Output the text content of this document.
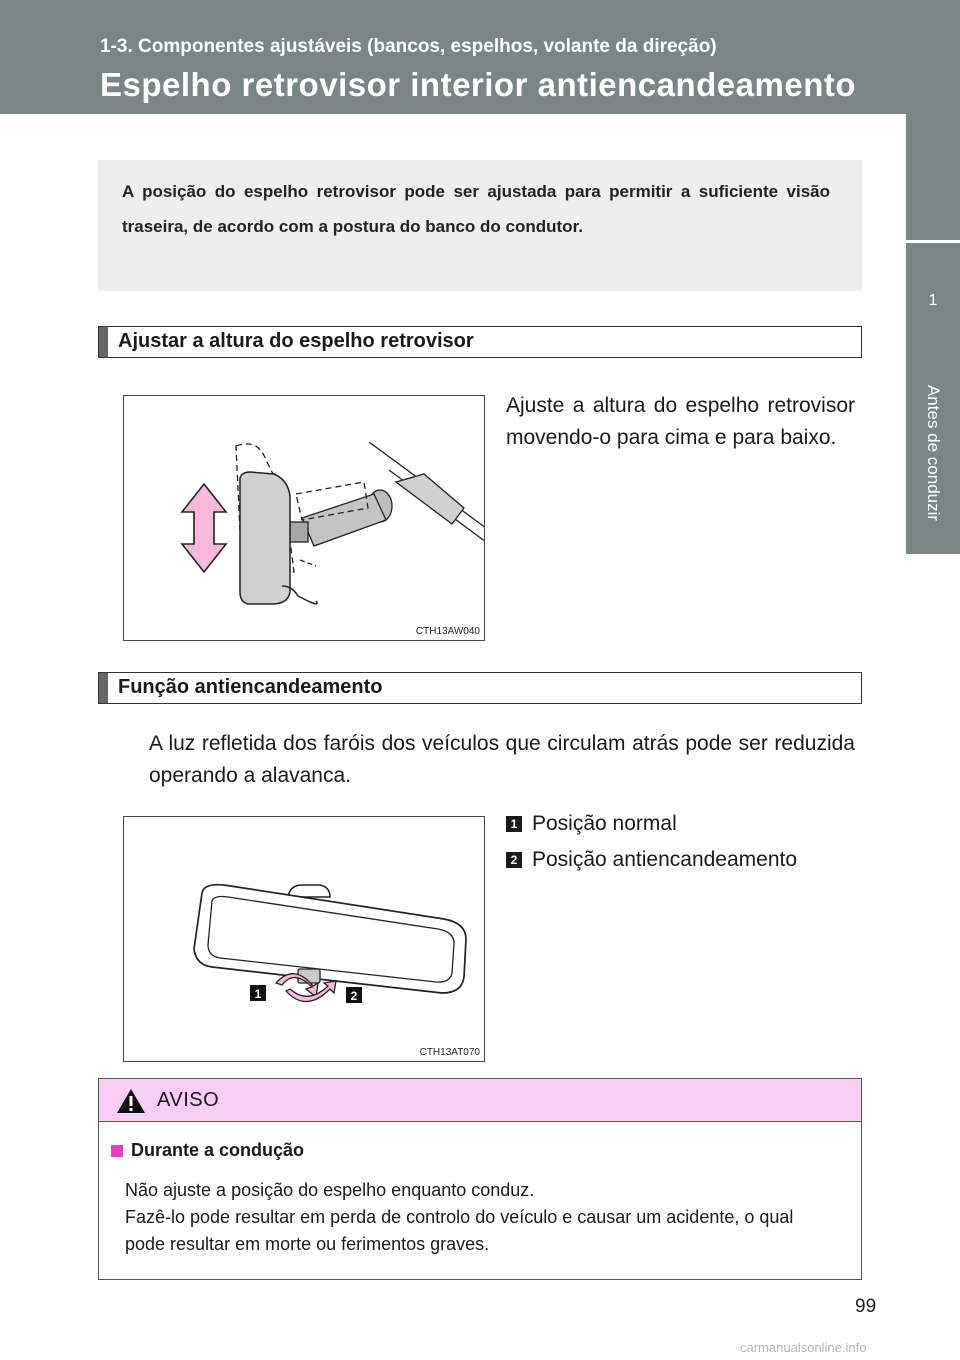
1-3. Componentes ajustáveis (bancos, espelhos, volante da direção)
Espelho retrovisor interior antiencandeamento
1
Antes de conduzir

A posição do espelho retrovisor pode ser ajustada para permitir a suficiente visão traseira, de acordo com a postura do banco do condutor.

Ajustar a altura do espelho retrovisor
CTH13AW040

Ajuste a altura do espelho retrovisor movendo-o para cima e para baixo.

Função antiencandeamento

A luz refletida dos faróis dos veículos que circulam atrás pode ser reduzida operando a alavanca.

1 Posição normal
2 Posição antiencandeamento
1	2
CTH13AT070
AVISO
Durante a condução

Não ajuste a posição do espelho enquanto conduz.
Fazê-lo pode resultar em perda de controlo do veículo e causar um acidente, o qual pode resultar em morte ou ferimentos graves.

99
carmanualsonline.info
